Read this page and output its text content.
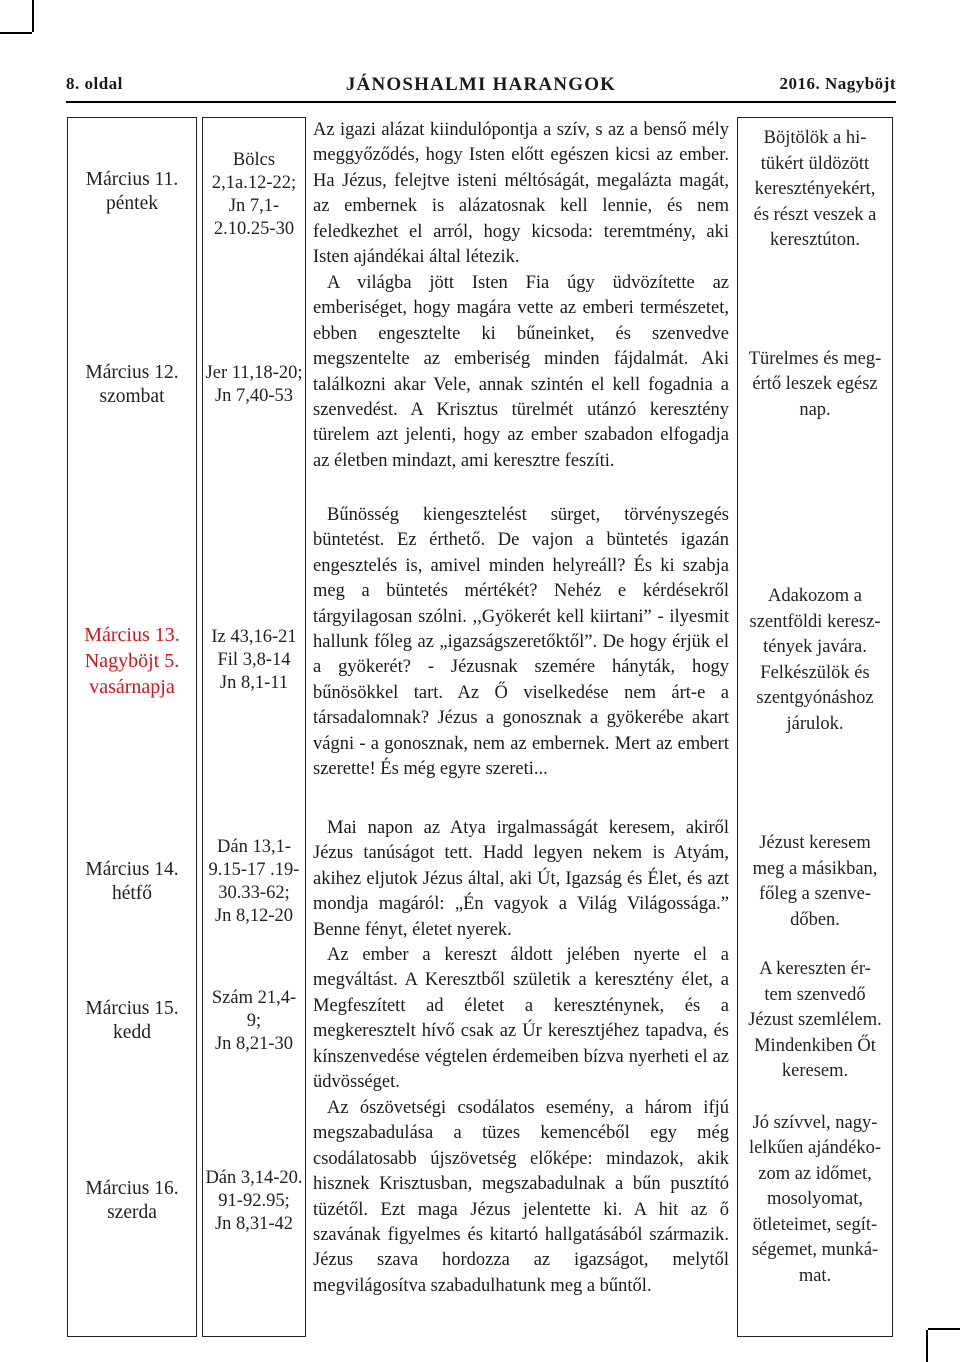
8. oldal	JÁNOSHALMI HARANGOK	2016. Nagyböjt
Március 11.
péntek
Március 12.
szombat
Március 13.
Nagyböjt 5.
vasárnapja
Március 14.
hétfő
Március 15.
kedd
Március 16.
szerda
Bölcs
2,1a.12-22;
Jn 7,1-
2.10.25-30
Jer 11,18-20;
Jn 7,40-53
Iz 43,16-21
Fil 3,8-14
Jn 8,1-11
Dán 13,1-
9.15-17 .19-
30.33-62;
Jn 8,12-20
Szám 21,4-
9;
Jn 8,21-30
Dán 3,14-20.
91-92.95;
Jn 8,31-42

Az igazi alázat kiindulópontja a szív, s az a benső mély meggyőződés, hogy Isten előtt egészen kicsi az ember. Ha Jézus, felejtve isteni méltóságát, megalázta magát, az embernek is alázatosnak kell lennie, és nem feledkezhet el arról, hogy kicsoda: teremtmény, aki Isten ajándékai által létezik.

A világba jött Isten Fia úgy üdvözítette az emberiséget, hogy magára vette az emberi természetet, ebben engesztelte ki bűneinket, és szenvedve megszentelte az emberiség minden fájdalmát. Aki találkozni akar Vele, annak szintén el kell fogadnia a szenvedést. A Krisztus türelmét utánzó keresztény türelem azt jelenti, hogy az ember szabadon elfogadja az életben mindazt, ami keresztre feszíti.

Bűnösség kiengesztelést sürget, törvényszegés büntetést. Ez érthető. De vajon a büntetés igazán engesztelés is, amivel minden helyreáll? És ki szabja meg a büntetés mértékét? Nehéz e kérdésekről tárgyilagosan szólni. ,,Gyökerét kell kiirtani” - ilyesmit hallunk főleg az „igazságszeretőktől”. De hogy érjük el a gyökerét? - Jézusnak szemére hányták, hogy bűnösökkel tart. Az Ő viselkedése nem árt-e a társadalomnak? Jézus a gonosznak a gyökerébe akart vágni - a gonosznak, nem az embernek. Mert az embert szerette! És még egyre szereti...

Mai napon az Atya irgalmasságát keresem, akiről Jézus tanúságot tett. Hadd legyen nekem is Atyám, akihez eljutok Jézus által, aki Út, Igazság és Élet, és azt mondja magáról: „Én vagyok a Világ Világossága.” Benne fényt, életet nyerek.

Az ember a kereszt áldott jelében nyerte el a megváltást. A Keresztből születik a keresztény élet, a Megfeszített ad életet a kereszténynek, és a megkeresztelt hívő csak az Úr keresztjéhez tapadva, és kínszenvedése végtelen érdemeiben bízva nyerheti el az üdvösséget.

Az ószövetségi csodálatos esemény, a három ifjú megszabadulása a tüzes kemencéből egy még csodálatosabb újszövetség előképe: mindazok, akik hisznek Krisztusban, megszabadulnak a bűn pusztító tüzétől. Ezt maga Jézus jelentette ki. A hit az ő szavának figyelmes és kitartó hallgatásából származik. Jézus szava hordozza az igazságot, melytől megvilágosítva szabadulhatunk meg a bűntől.

Böjtölök a hi-
tükért üldözött
keresztényekért,
és részt veszek a
keresztúton.
Türelmes és meg-
értő leszek egész
nap.
Adakozom a
szentföldi keresz-
tények javára.
Felkészülök és
szentgyónáshoz
járulok.
Jézust keresem
meg a másikban,
főleg a szenve-
dőben.
A kereszten ér-
tem szenvedő
Jézust szemlélem.
Mindenkiben Őt
keresem.
Jó szívvel, nagy-
lelkűen ajándéko-
zom az időmet,
mosolyomat,
ötleteimet, segít-
ségemet, munká-
mat.
